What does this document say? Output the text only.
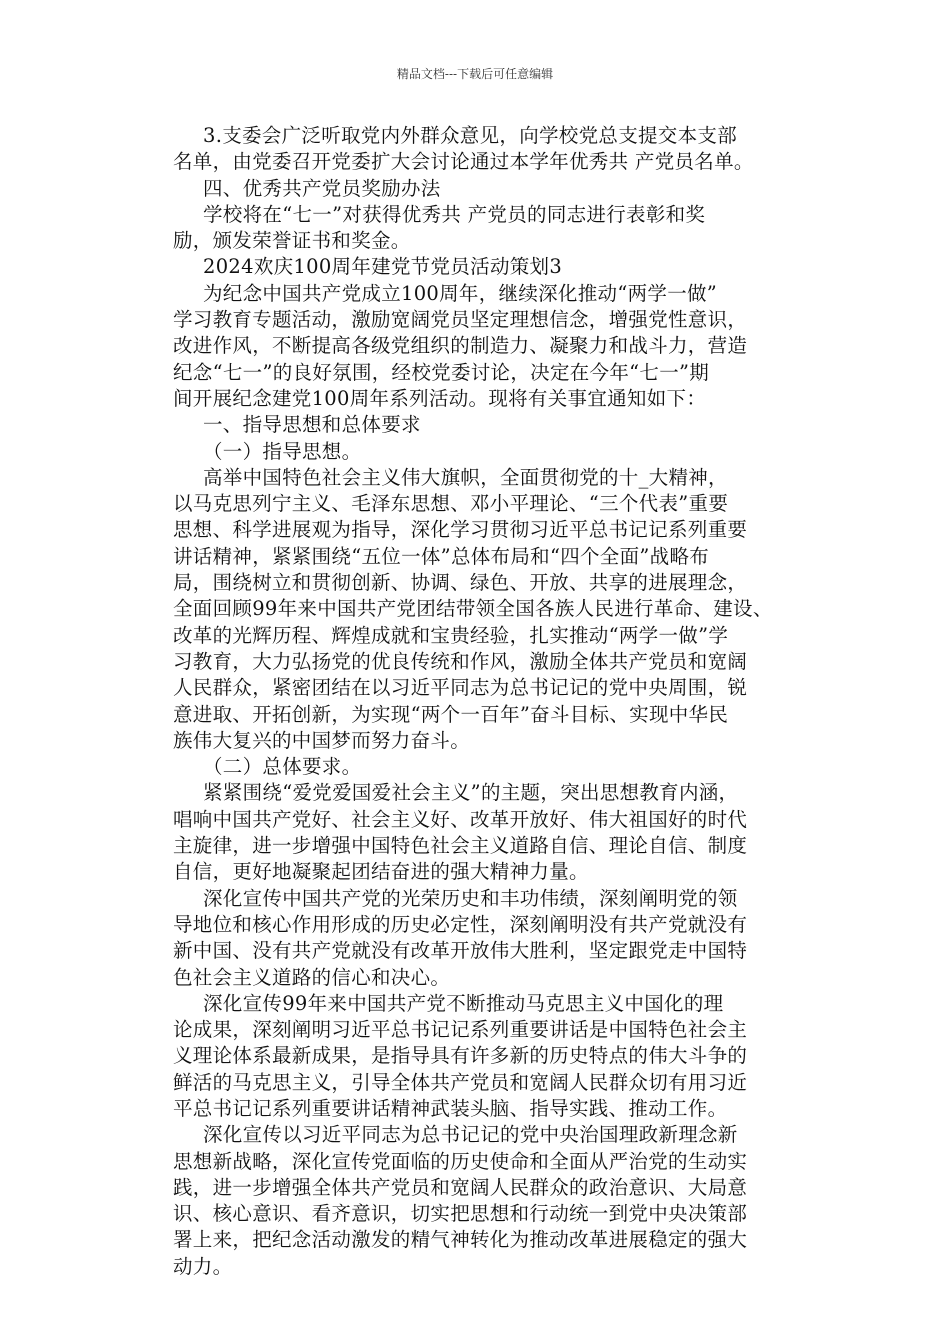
精品文档---下载后可任意编辑
3.支委会广泛听取党内外群众意见，向学校党总支提交本支部
名单，由党委召开党委扩大会讨论通过本学年优秀共 产党员名单。
四、优秀共产党员奖励办法
学校将在“七一”对获得优秀共 产党员的同志进行表彰和奖
励，颁发荣誉证书和奖金。
2024欢庆100周年建党节党员活动策划3
为纪念中国共产党成立100周年，继续深化推动“两学一做”
学习教育专题活动，激励宽阔党员坚定理想信念，增强党性意识，
改进作风，不断提高各级党组织的制造力、凝聚力和战斗力，营造
纪念“七一”的良好氛围，经校党委讨论，决定在今年“七一”期
间开展纪念建党100周年系列活动。现将有关事宜通知如下：
一、指导思想和总体要求
（一）指导思想。
高举中国特色社会主义伟大旗帜，全面贯彻党的十_大精神，
以马克思列宁主义、毛泽东思想、邓小平理论、“三个代表”重要
思想、科学进展观为指导，深化学习贯彻习近平总书记记系列重要
讲话精神，紧紧围绕“五位一体”总体布局和“四个全面”战略布
局，围绕树立和贯彻创新、协调、绿色、开放、共享的进展理念，
全面回顾99年来中国共产党团结带领全国各族人民进行革命、建设、
改革的光辉历程、辉煌成就和宝贵经验，扎实推动“两学一做”学
习教育，大力弘扬党的优良传统和作风，激励全体共产党员和宽阔
人民群众，紧密团结在以习近平同志为总书记记的党中央周围，锐
意进取、开拓创新，为实现“两个一百年”奋斗目标、实现中华民
族伟大复兴的中国梦而努力奋斗。
（二）总体要求。
紧紧围绕“爱党爱国爱社会主义”的主题，突出思想教育内涵，
唱响中国共产党好、社会主义好、改革开放好、伟大祖国好的时代
主旋律，进一步增强中国特色社会主义道路自信、理论自信、制度
自信，更好地凝聚起团结奋进的强大精神力量。
深化宣传中国共产党的光荣历史和丰功伟绩，深刻阐明党的领
导地位和核心作用形成的历史必定性，深刻阐明没有共产党就没有
新中国、没有共产党就没有改革开放伟大胜利，坚定跟党走中国特
色社会主义道路的信心和决心。
深化宣传99年来中国共产党不断推动马克思主义中国化的理
论成果，深刻阐明习近平总书记记系列重要讲话是中国特色社会主
义理论体系最新成果，是指导具有许多新的历史特点的伟大斗争的
鲜活的马克思主义，引导全体共产党员和宽阔人民群众切有用习近
平总书记记系列重要讲话精神武装头脑、指导实践、推动工作。
深化宣传以习近平同志为总书记记的党中央治国理政新理念新
思想新战略，深化宣传党面临的历史使命和全面从严治党的生动实
践，进一步增强全体共产党员和宽阔人民群众的政治意识、大局意
识、核心意识、看齐意识，切实把思想和行动统一到党中央决策部
署上来，把纪念活动激发的精气神转化为推动改革进展稳定的强大
动力。
